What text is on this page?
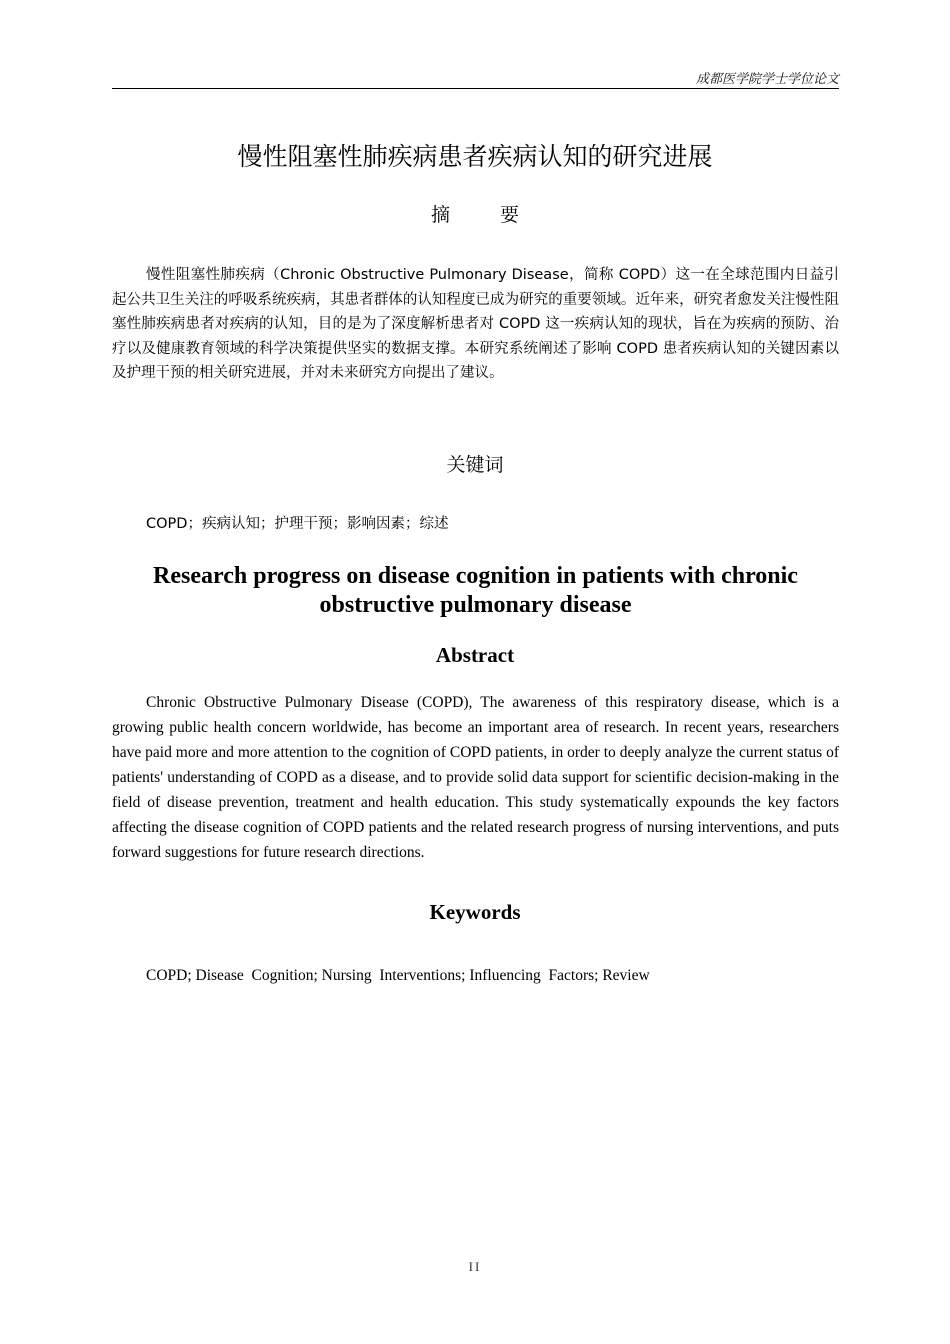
成都医学院学士学位论文
慢性阻塞性肺疾病患者疾病认知的研究进展
摘 要

慢性阻塞性肺疾病（Chronic Obstructive Pulmonary Disease，简称 COPD）这一在全球范围内日益引起公共卫生关注的呼吸系统疾病，其患者群体的认知程度已成为研究的重要领域。近年来，研究者愈发关注慢性阻塞性肺疾病患者对疾病的认知，目的是为了深度解析患者对 COPD 这一疾病认知的现状，旨在为疾病的预防、治疗以及健康教育领域的科学决策提供坚实的数据支撑。本研究系统阐述了影响 COPD 患者疾病认知的关键因素以及护理干预的相关研究进展，并对未来研究方向提出了建议。

关键词

COPD；疾病认知；护理干预；影响因素；综述

Research progress on disease cognition in patients with chronic obstructive pulmonary disease
Abstract

Chronic Obstructive Pulmonary Disease (COPD), The awareness of this respiratory disease, which is a growing public health concern worldwide, has become an important area of research. In recent years, researchers have paid more and more attention to the cognition of COPD patients, in order to deeply analyze the current status of patients' understanding of COPD as a disease, and to provide solid data support for scientific decision-making in the field of disease prevention, treatment and health education. This study systematically expounds the key factors affecting the disease cognition of COPD patients and the related research progress of nursing interventions, and puts forward suggestions for future research directions.

Keywords

COPD; Disease  Cognition; Nursing  Interventions; Influencing  Factors; Review

II
